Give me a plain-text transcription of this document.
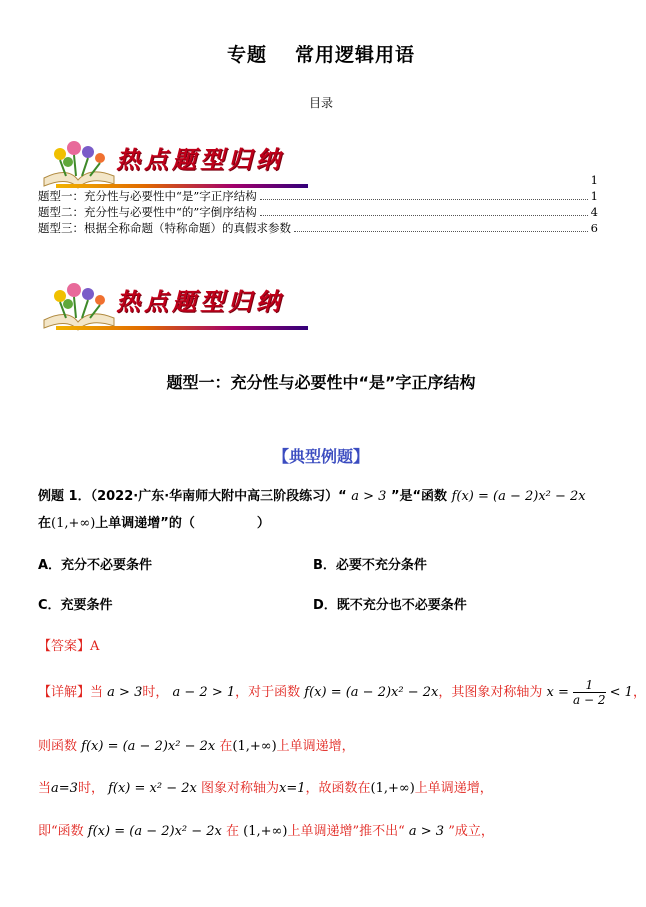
专题 常用逻辑用语
目录
热点题型归纳
1
题型一：充分性与必要性中“是”字正序结构	1
题型二：充分性与必要性中“的”字倒序结构	4
题型三：根据全称命题（特称命题）的真假求参数	6
热点题型归纳
题型一：充分性与必要性中“是”字正序结构
【典型例题】
例题 1．（2022·广东·华南师大附中高三阶段练习）“ a > 3 ”是“函数 f(x) = (a − 2)x² − 2x
在(1,+∞)上单调递增”的（	）
A．充分不必要条件	B．必要不充分条件
C．充要条件	D．既不充分也不必要条件
【答案】A
【详解】当 a > 3时， a − 2 > 1，对于函数 f(x) = (a − 2)x² − 2x，其图象对称轴为 $x = \frac{1}{a - 2} < 1$，
则函数 f(x) = (a − 2)x² − 2x 在(1,+∞)上单调递增，
当a=3时， f(x) = x² − 2x 图象对称轴为x=1，故函数在(1,+∞)上单调递增，
即“函数 f(x) = (a − 2)x² − 2x 在 (1,+∞)上单调递增”推不出“ a > 3 ”成立，
